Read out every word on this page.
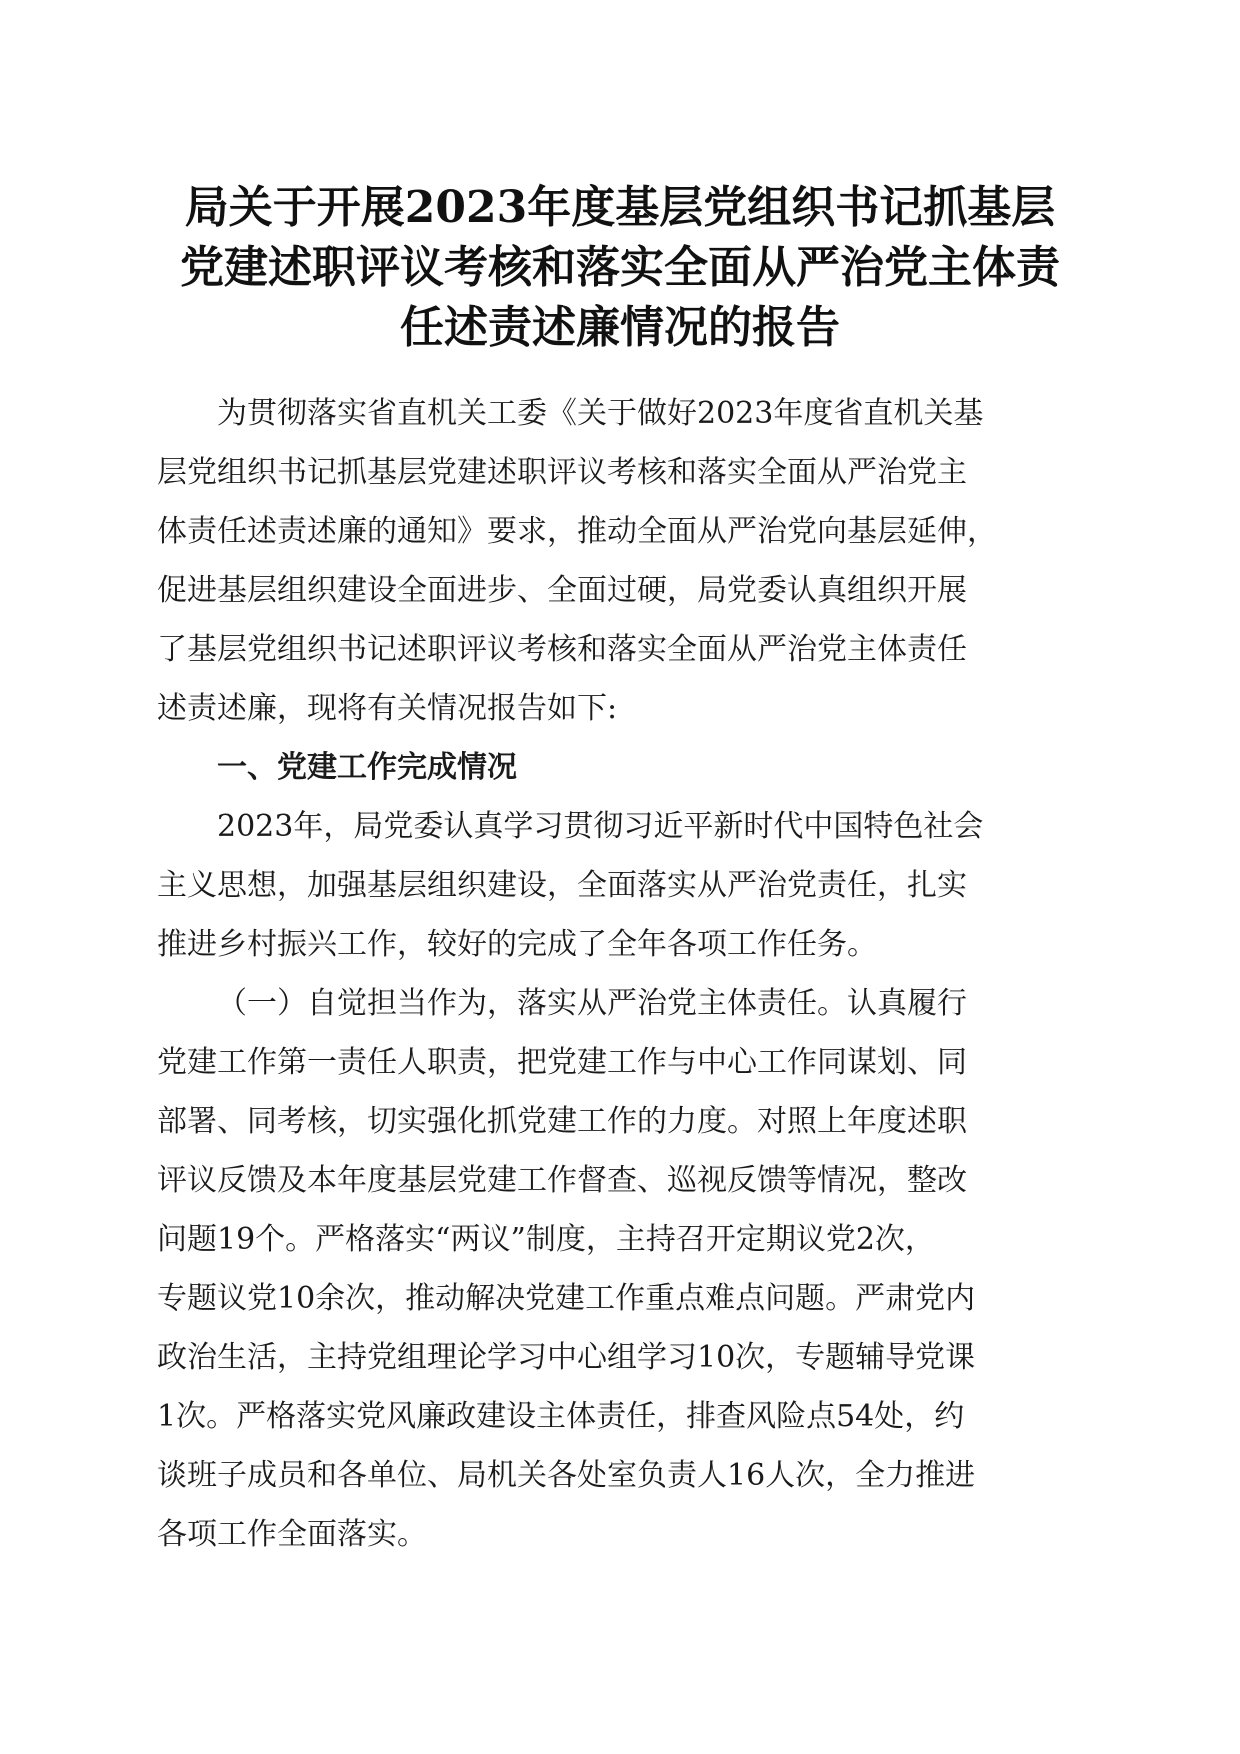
局关于开展2023年度基层党组织书记抓基层
党建述职评议考核和落实全面从严治党主体责
任述责述廉情况的报告
为贯彻落实省直机关工委《关于做好2023年度省直机关基
层党组织书记抓基层党建述职评议考核和落实全面从严治党主
体责任述责述廉的通知》要求，推动全面从严治党向基层延伸，
促进基层组织建设全面进步、全面过硬，局党委认真组织开展
了基层党组织书记述职评议考核和落实全面从严治党主体责任
述责述廉，现将有关情况报告如下:
一、党建工作完成情况
2023年，局党委认真学习贯彻习近平新时代中国特色社会
主义思想，加强基层组织建设，全面落实从严治党责任，扎实
推进乡村振兴工作，较好的完成了全年各项工作任务。
（一）自觉担当作为，落实从严治党主体责任。认真履行
党建工作第一责任人职责，把党建工作与中心工作同谋划、同
部署、同考核，切实强化抓党建工作的力度。对照上年度述职
评议反馈及本年度基层党建工作督查、巡视反馈等情况，整改
问题19个。严格落实“两议”制度，主持召开定期议党2次，
专题议党10余次，推动解决党建工作重点难点问题。严肃党内
政治生活，主持党组理论学习中心组学习10次，专题辅导党课
1次。严格落实党风廉政建设主体责任，排查风险点54处，约
谈班子成员和各单位、局机关各处室负责人16人次，全力推进
各项工作全面落实。
